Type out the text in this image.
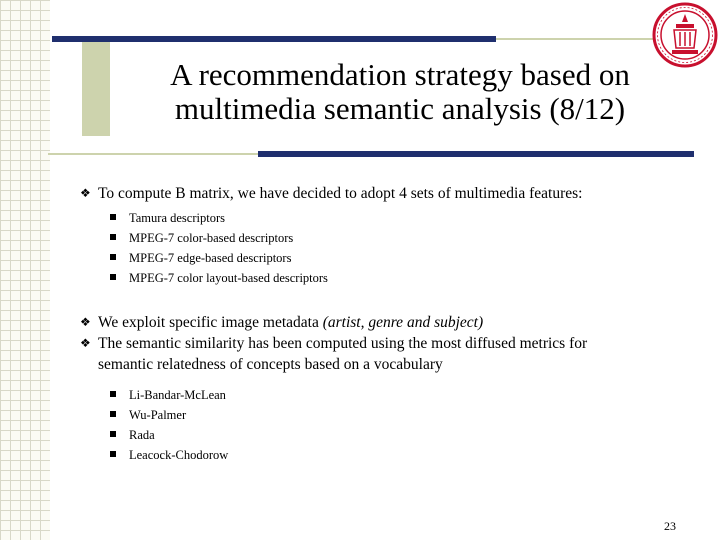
A recommendation strategy based on
multimedia semantic analysis (8/12)
❖ To compute B matrix, we have decided to adopt 4 sets of multimedia features:
Tamura descriptors
MPEG-7 color-based descriptors
MPEG-7 edge-based descriptors
MPEG-7 color layout-based descriptors
❖ We exploit specific image metadata (artist, genre and subject)
❖ The semantic similarity has been computed using the most diffused metrics for
semantic relatedness of concepts based on a vocabulary
Li-Bandar-McLean
Wu-Palmer
Rada
Leacock-Chodorow
23
